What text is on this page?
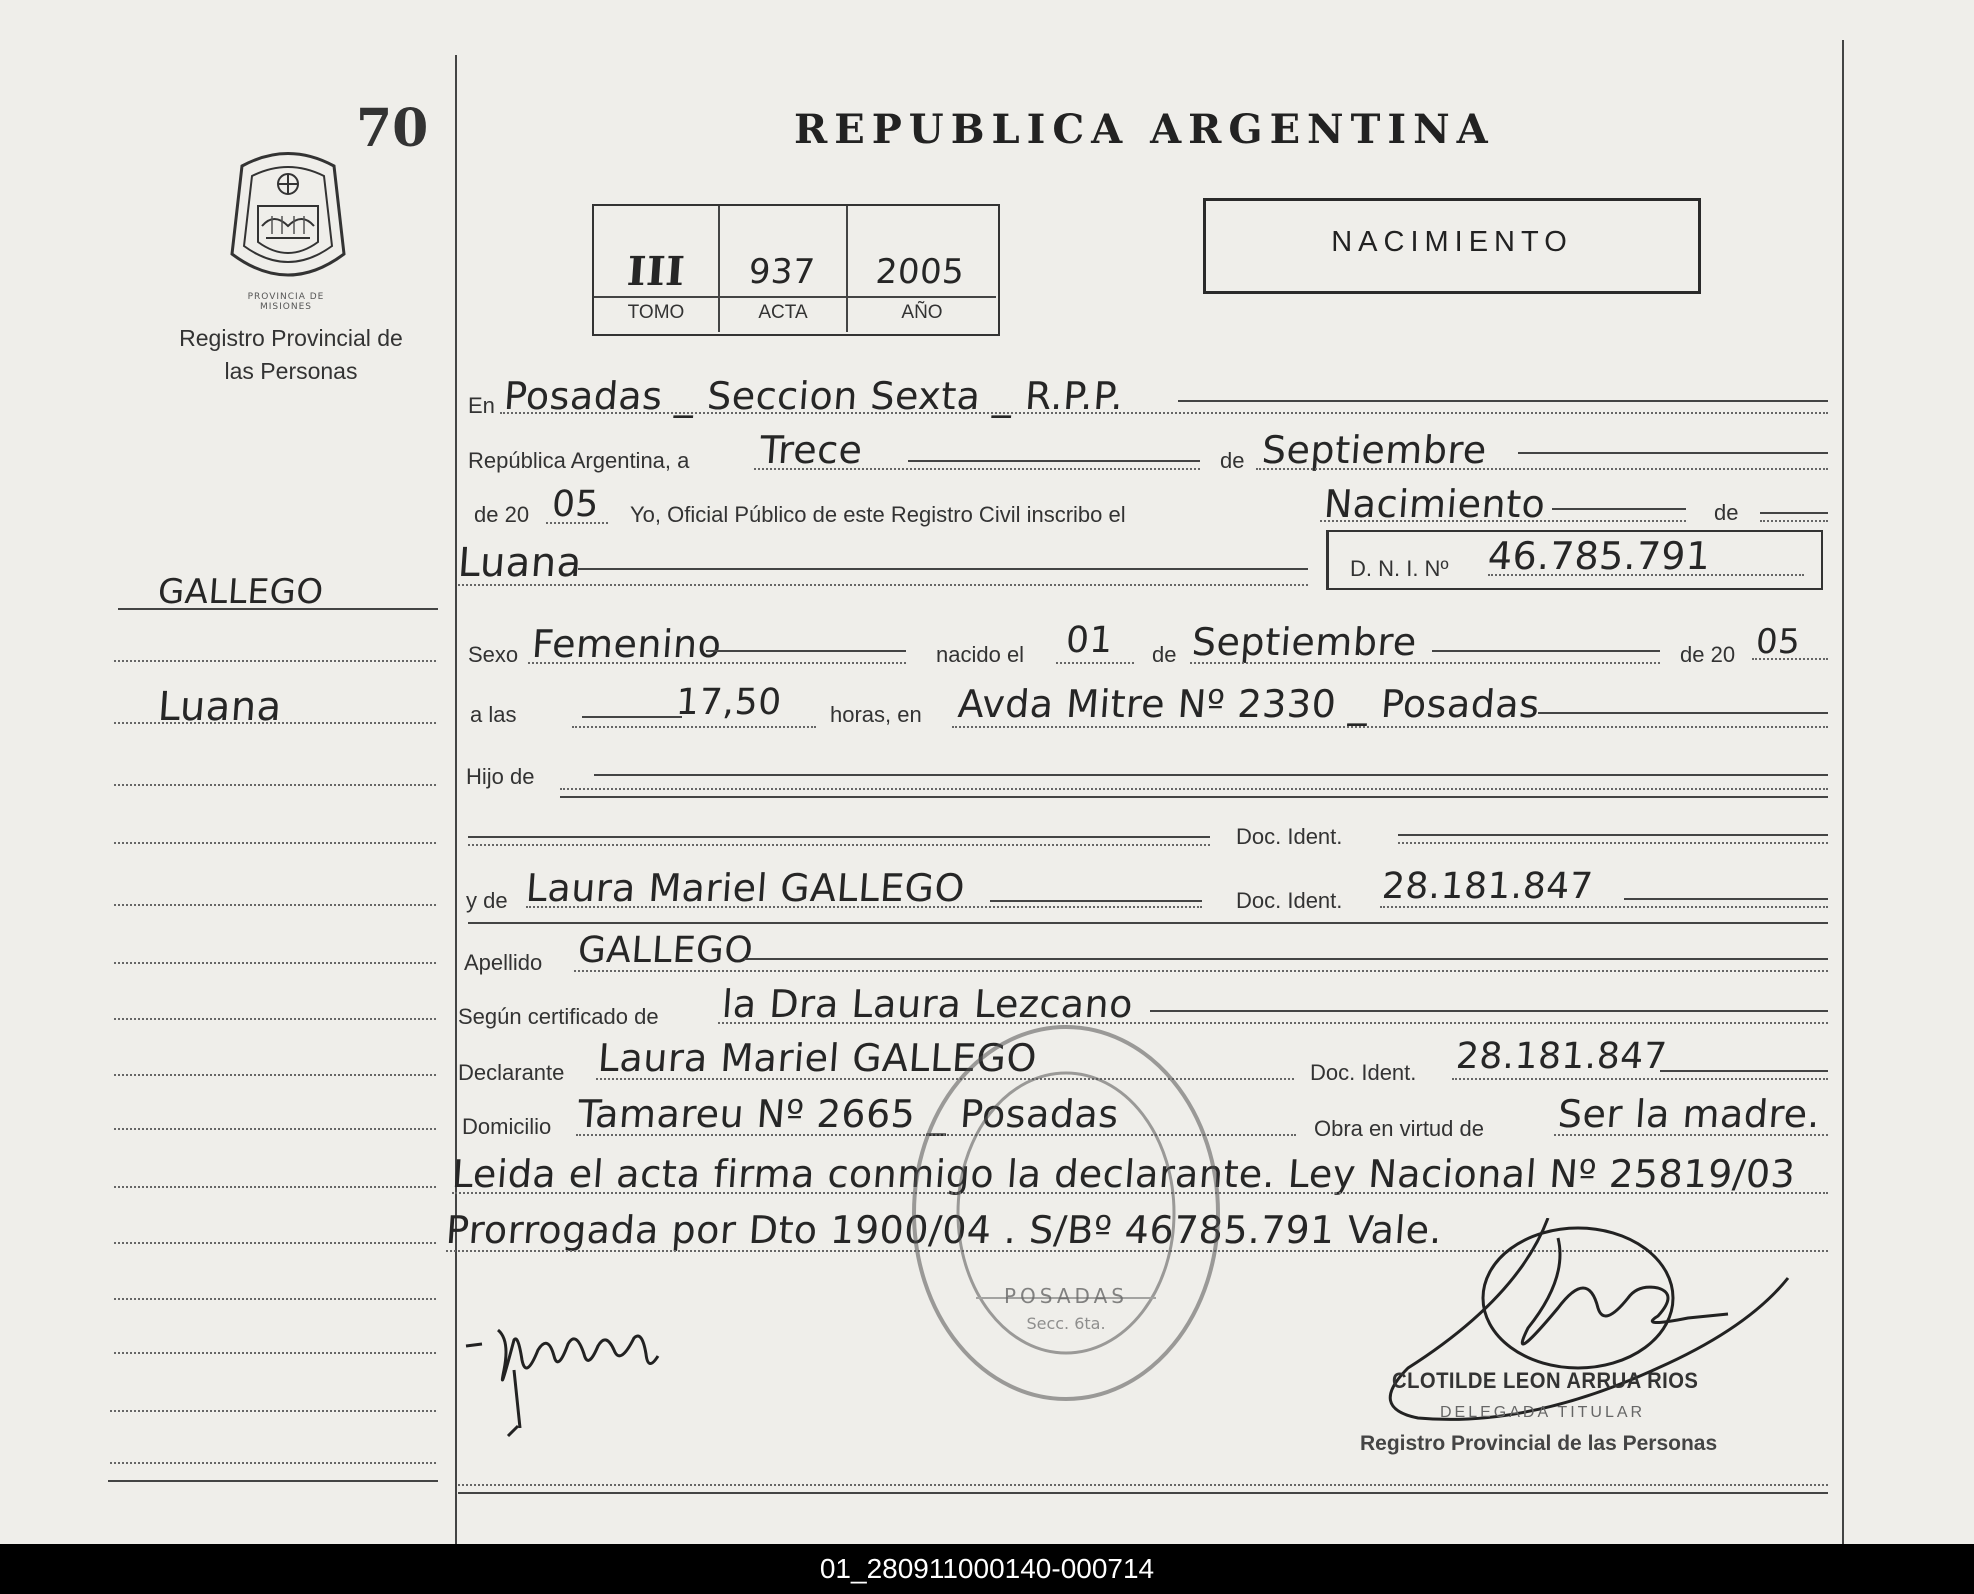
70
PROVINCIA DE MISIONES
Registro Provincial de las Personas
REPUBLICA ARGENTINA
III	937	2005
TOMO	ACTA	AÑO
NACIMIENTO
GALLEGO
Luana
En Posadas _ Seccion Sexta _ R.P.P.
República Argentina, a Trece	de Septiembre
de 20 05 Yo, Oficial Público de este Registro Civil inscribo el	Nacimiento	de
Luana	D. N. I. Nº 46.785.791
Sexo Femenino	nacido el 01 de Septiembre	de 20 05
a las	17,50 horas, en Avda Mitre Nº 2330 _ Posadas
Hijo de
Doc. Ident.
y de Laura Mariel GALLEGO	Doc. Ident. 28.181.847
Apellido GALLEGO
Según certificado de la Dra Laura Lezcano
Declarante Laura Mariel GALLEGO	Doc. Ident. 28.181.847
Domicilio Tamareu Nº 2665 _ Posadas	Obra en virtud de Ser la madre.
Leida el acta firma conmigo la declarante. Ley Nacional Nº 25819/03
Prorrogada por Dto 1900/04 . S/Bº 46785.791 Vale.
POSADAS
Secc. 6ta.
CLOTILDE LEON ARRUA RIOS
DELEGADA TITULAR
Registro Provincial de las Personas
01_280911000140-000714
